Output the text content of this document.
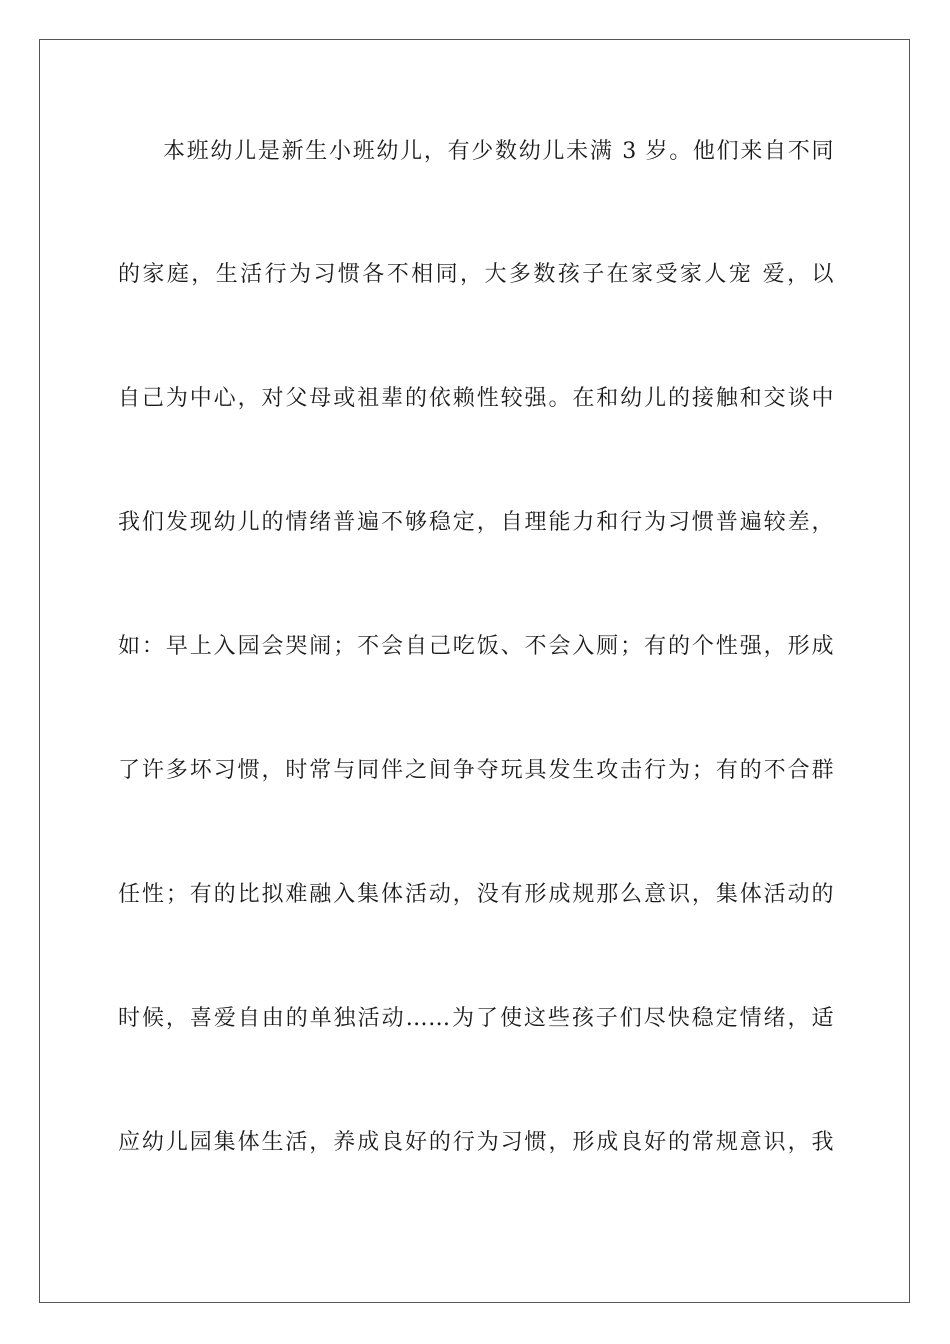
本班幼儿是新生小班幼儿，有少数幼儿未满 3 岁。他们来自不同
的家庭，生活行为习惯各不相同，大多数孩子在家受家人宠 爱，以
自己为中心，对父母或祖辈的依赖性较强。在和幼儿的接触和交谈中
我们发现幼儿的情绪普遍不够稳定，自理能力和行为习惯普遍较差，
如：早上入园会哭闹；不会自己吃饭、不会入厕；有的个性强，形成
了许多坏习惯，时常与同伴之间争夺玩具发生攻击行为；有的不合群
任性；有的比拟难融入集体活动，没有形成规那么意识，集体活动的
时候，喜爱自由的单独活动……为了使这些孩子们尽快稳定情绪，适
应幼儿园集体生活，养成良好的行为习惯，形成良好的常规意识，我
